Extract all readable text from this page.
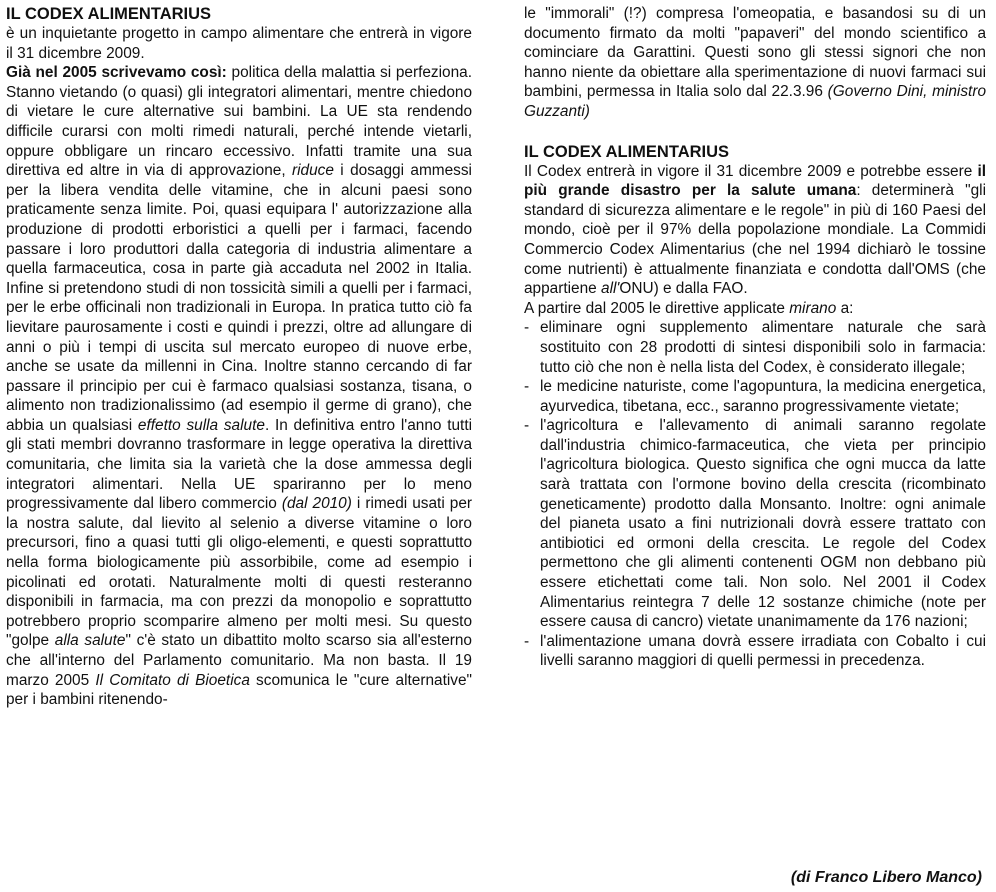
IL CODEX ALIMENTARIUS

è un inquietante progetto in campo alimentare che entrerà in vigore il 31 dicembre 2009.

Già nel 2005 scrivevamo così: politica della malattia si perfeziona. Stanno vietando (o quasi) gli integratori alimentari, mentre chiedono di vietare le cure alternative sui bambini. La UE sta rendendo difficile curarsi con molti rimedi naturali, perché intende vietarli, oppure obbligare un rincaro eccessivo. Infatti tramite una sua direttiva ed altre in via di approvazione, riduce i dosaggi ammessi per la libera vendita delle vitamine, che in alcuni paesi sono praticamente senza limite. Poi, quasi equipara l' autorizzazione alla produzione di prodotti erboristici a quelli per i farmaci, facendo passare i loro produttori dalla categoria di industria alimentare a quella farmaceutica, cosa in parte già accaduta nel 2002 in Italia. Infine si pretendono studi di non tossicità simili a quelli per i farmaci, per le erbe officinali non tradizionali in Europa. In pratica tutto ciò fa lievitare paurosamente i costi e quindi i prezzi, oltre ad allungare di anni o più i tempi di uscita sul mercato europeo di nuove erbe, anche se usate da millenni in Cina. Inoltre stanno cercando di far passare il principio per cui è farmaco qualsiasi sostanza, tisana, o alimento non tradizionalissimo (ad esempio il germe di grano), che abbia un qualsiasi effetto sulla salute. In definitiva entro l'anno tutti gli stati membri dovranno trasformare in legge operativa la direttiva comunitaria, che limita sia la varietà che la dose ammessa degli integratori alimentari. Nella UE spariranno per lo meno progressivamente dal libero commercio (dal 2010) i rimedi usati per la nostra salute, dal lievito al selenio a diverse vitamine o loro precursori, fino a quasi tutti gli oligo-elementi, e questi soprattutto nella forma biologicamente più assorbibile, come ad esempio i picolinati ed orotati. Naturalmente molti di questi resteranno disponibili in farmacia, ma con prezzi da monopolio e soprattutto potrebbero proprio scomparire almeno per molti mesi. Su questo "golpe alla salute" c'è stato un dibattito molto scarso sia all'esterno che all'interno del Parlamento comunitario. Ma non basta. Il 19 marzo 2005 Il Comitato di Bioetica scomunica le "cure alternative" per i bambini ritenendo-

le "immorali" (!?) compresa l'omeopatia, e basandosi su di un documento firmato da molti "papaveri" del mondo scientifico a cominciare da Garattini. Questi sono gli stessi signori che non hanno niente da obiettare alla sperimentazione di nuovi farmaci sui bambini, permessa in Italia solo dal 22.3.96 (Governo Dini, ministro Guzzanti)

IL CODEX ALIMENTARIUS

Il Codex entrerà in vigore il 31 dicembre 2009 e potrebbe essere il più grande disastro per la salute umana: determinerà "gli standard di sicurezza alimentare e le regole" in più di 160 Paesi del mondo, cioè per il 97% della popolazione mondiale. La Commidi Commercio Codex Alimentarius (che nel 1994 dichiarò le tossine come nutrienti) è attualmente finanziata e condotta dall'OMS (che appartiene all'ONU) e dalla FAO.

A partire dal 2005 le direttive applicate mirano a:

- eliminare ogni supplemento alimentare naturale che sarà sostituito con 28 prodotti di sintesi disponibili solo in farmacia: tutto ciò che non è nella lista del Codex, è considerato illegale;
- le medicine naturiste, come l'agopuntura, la medicina energetica, ayurvedica, tibetana, ecc., saranno progressivamente vietate;
- l'agricoltura e l'allevamento di animali saranno regolate dall'industria chimico-farmaceutica, che vieta per principio l'agricoltura biologica. Questo significa che ogni mucca da latte sarà trattata con l'ormone bovino della crescita (ricombinato geneticamente) prodotto dalla Monsanto. Inoltre: ogni animale del pianeta usato a fini nutrizionali dovrà essere trattato con antibiotici ed ormoni della crescita. Le regole del Codex permettono che gli alimenti contenenti OGM non debbano più essere etichettati come tali. Non solo. Nel 2001 il Codex Alimentarius reintegra 7 delle 12 sostanze chimiche (note per essere causa di cancro) vietate unanimamente da 176 nazioni;
- l'alimentazione umana dovrà essere irradiata con Cobalto i cui livelli saranno maggiori di quelli permessi in precedenza.
(di Franco Libero Manco)
